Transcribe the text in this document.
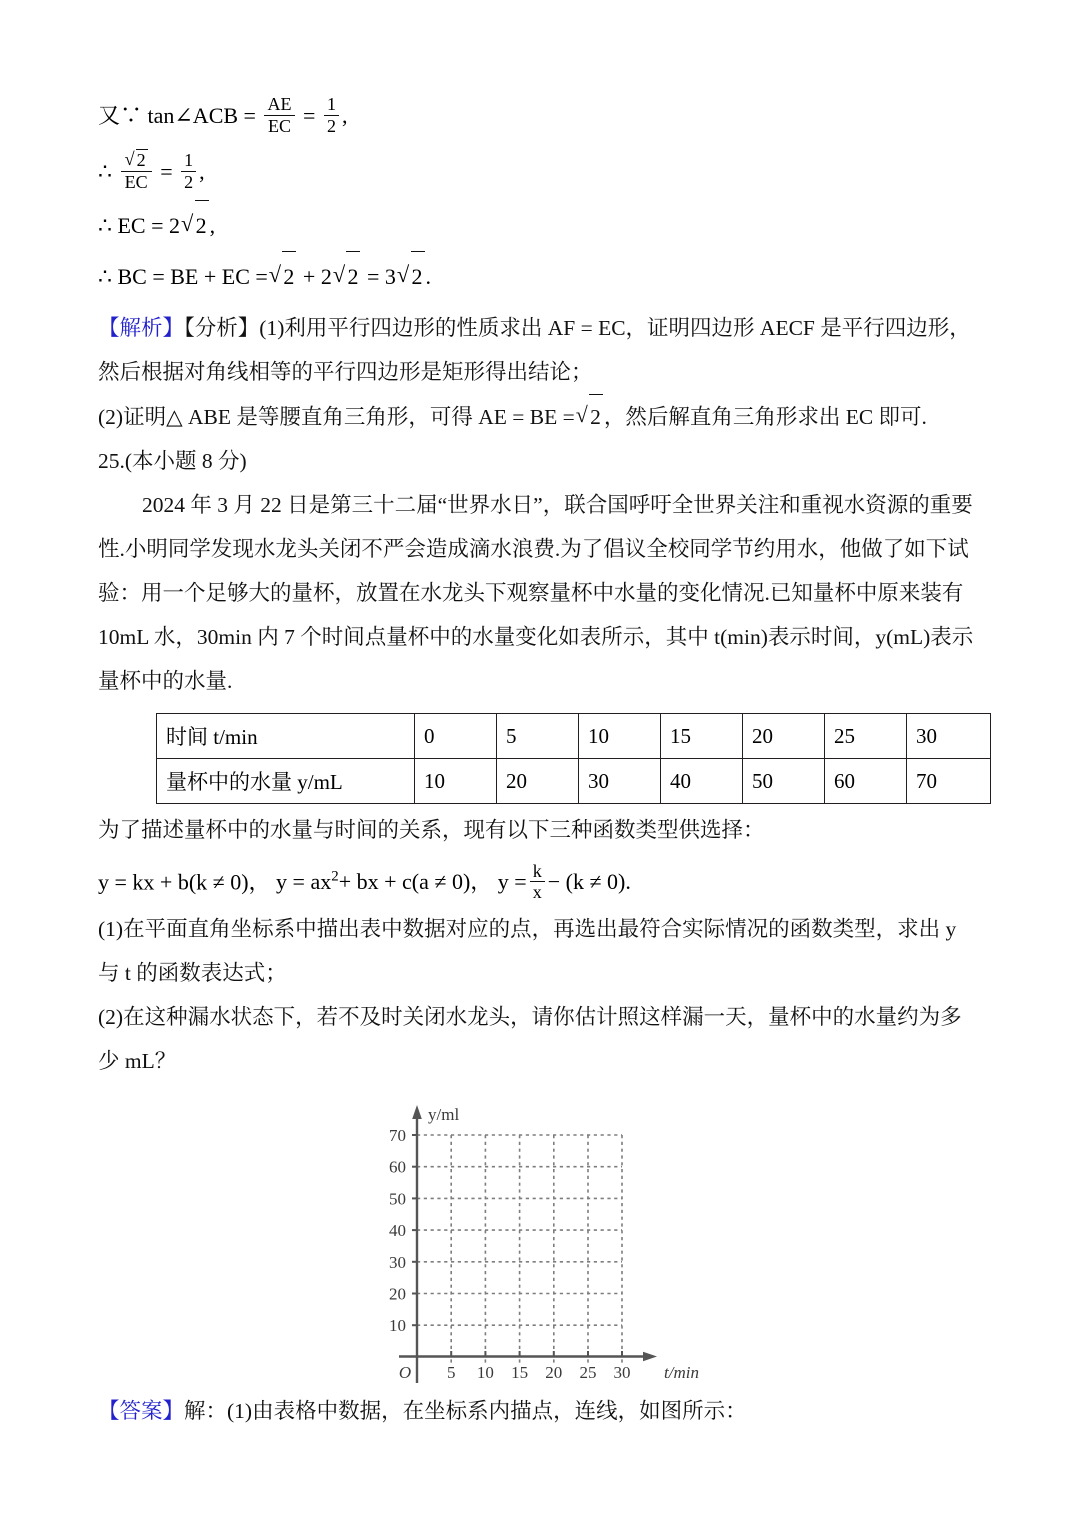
又∵ tan∠ACB = $\frac{AE}{EC} = \frac{1}{2}$ ,
∴ √ $\frac{2}{EC} = \frac{1}{2}$ ,
∴ EC = 2 √ 2 ,
∴ BC = BE + EC = √ 2 + 2 √ 2 = 3 √ 2 .
【解析】【分析】(1)利用平行四边形的性质求出 AF = EC，证明四边形 AECF 是平行四边形，然后根据对角线相等的平行四边形是矩形得出结论；
(2)证明△ ABE 是等腰直角三角形，可得 AE = BE = √ 2 ，然后解直角三角形求出 EC 即可.
25.(本小题 8 分)
2024 年 3 月 22 日是第三十二届“世界水日”，联合国呼吁全世界关注和重视水资源的重要性.小明同学发现水龙头关闭不严会造成滴水浪费.为了倡议全校同学节约用水，他做了如下试验：用一个足够大的量杯，放置在水龙头下观察量杯中水量的变化情况.已知量杯中原来装有 10mL 水，30min 内 7 个时间点量杯中的水量变化如表所示，其中 t(min)表示时间，y(mL)表示量杯中的水量.
时间 t/min	0	5	10	15	20	25	30
量杯中的水量 y/mL	10	20	30	40	50	60	70
为了描述量杯中的水量与时间的关系，现有以下三种函数类型供选择：
y = kx + b(k ≠ 0)， $y = ax^2+$ bx + c(a ≠ 0)， $y = \frac{k}{x} - (k \ne 0)$.
(1)在平面直角坐标系中描出表中数据对应的点，再选出最符合实际情况的函数类型，求出 y 与 t 的函数表达式；
(2)在这种漏水状态下，若不及时关闭水龙头，请你估计照这样漏一天，量杯中的水量约为多少 mL？
70
60
50
40
30
20
10
5 10 15 20 25 30
O
y/ml
t/min
【答案】解：(1)由表格中数据，在坐标系内描点，连线，如图所示：
